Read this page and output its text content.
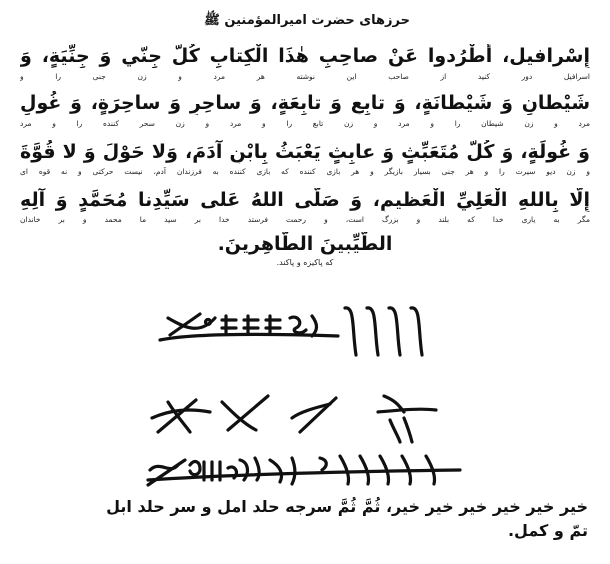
حرزهای حضرت امیرالمؤمنین ﷺ
إِسْرافيل، أُطْرُدوا عَنْ صاحِبِ هٰذَا الْكِتابِ كُلَّ جِنّي وَ جِنِّيَةٍ، وَ
اسرافیل دور کنید از صاحب این نوشته هر مرد و زن جنی را و
شَيْطانٍ وَ شَيْطانَةٍ، وَ تابِعٍ وَ تابِعَةٍ، وَ ساحِرٍ وَ ساحِرَةٍ، وَ غُولٍ
مرد و زن شیطان را و مرد و زن تابع را و مرد و زن سحر کننده را و مرد
وَ غُولَةٍ، وَ كُلَّ مُتَعَبِّثٍ وَ عابِثٍ يَعْبَثُ بِابْنِ آدَمَ، وَلا حَوْلَ وَ لا قُوَّةَ
و زن دیو سیرت را و هر جنی بسیار بازیگر و هر بازی کننده که بازی کننده به فرزندان آدم، نیست حرکتی و نه قوه ای
إِلّا بِاللهِ الْعَلِيِّ الْعَظيمِ، وَ صَلَّى اللهُ عَلى سَيِّدِنا مُحَمَّدٍ وَ آلِهِ
مگر به یاری خدا که بلند و بزرگ است، و رحمت فرستد خدا بر سید ما محمد و بر خاندان
الطَّيِّبينَ الطّاهِرينَ.
که پاکیزه و پاکند.
خیر خیر خیر خیر خیر خیر، ثُمَّ ثُمَّ سرجه حلد امل و سر حلد ابل
تمّ و کمل.
